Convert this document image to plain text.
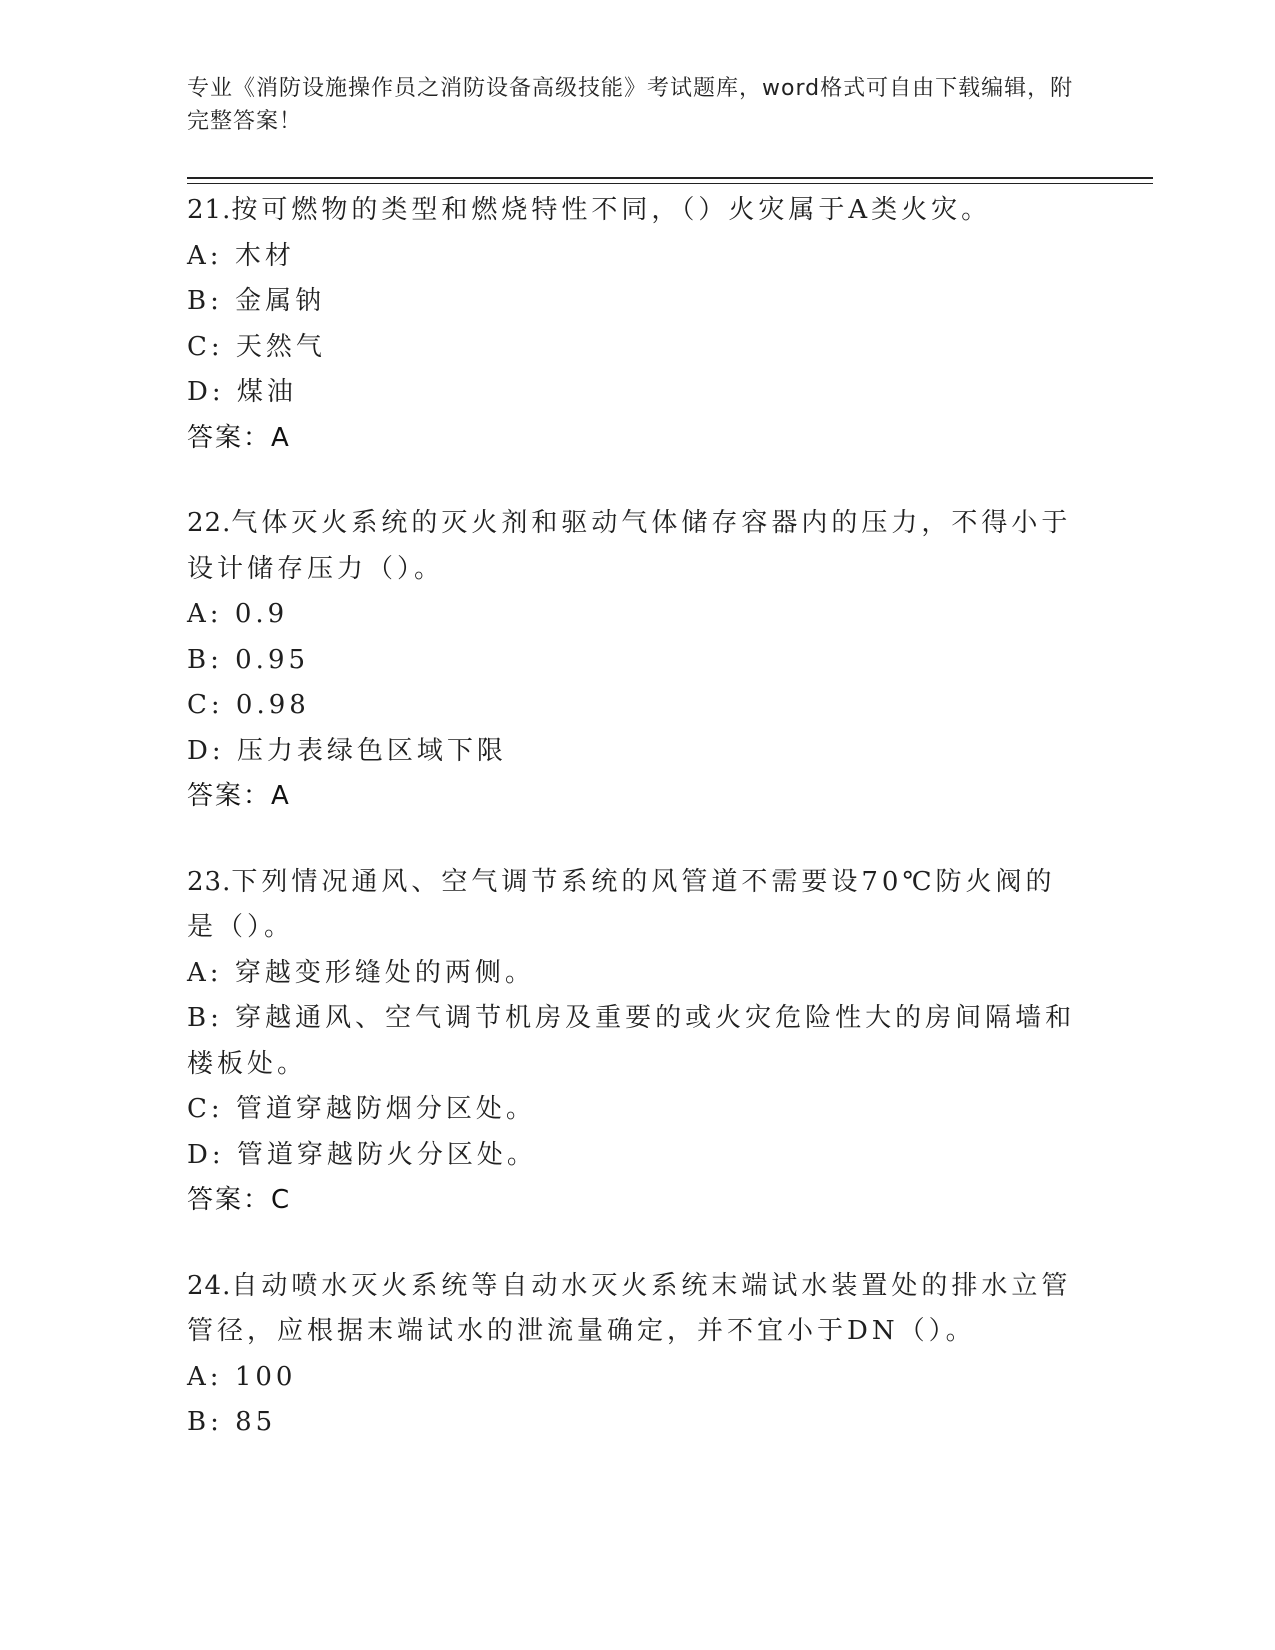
专业《消防设施操作员之消防设备高级技能》考试题库，word格式可自由下载编辑，附完整答案！
21.按可燃物的类型和燃烧特性不同，（）火灾属于A类火灾。
A: 木材
B: 金属钠
C: 天然气
D: 煤油
答案：A
22.气体灭火系统的灭火剂和驱动气体储存容器内的压力，不得小于设计储存压力（）。
A: 0.9
B: 0.95
C: 0.98
D: 压力表绿色区域下限
答案：A
23.下列情况通风、空气调节系统的风管道不需要设70℃防火阀的是（）。
A: 穿越变形缝处的两侧。
B: 穿越通风、空气调节机房及重要的或火灾危险性大的房间隔墙和楼板处。
C: 管道穿越防烟分区处。
D: 管道穿越防火分区处。
答案：C
24.自动喷水灭火系统等自动水灭火系统末端试水装置处的排水立管管径，应根据末端试水的泄流量确定，并不宜小于DN（）。
A: 100
B: 85
